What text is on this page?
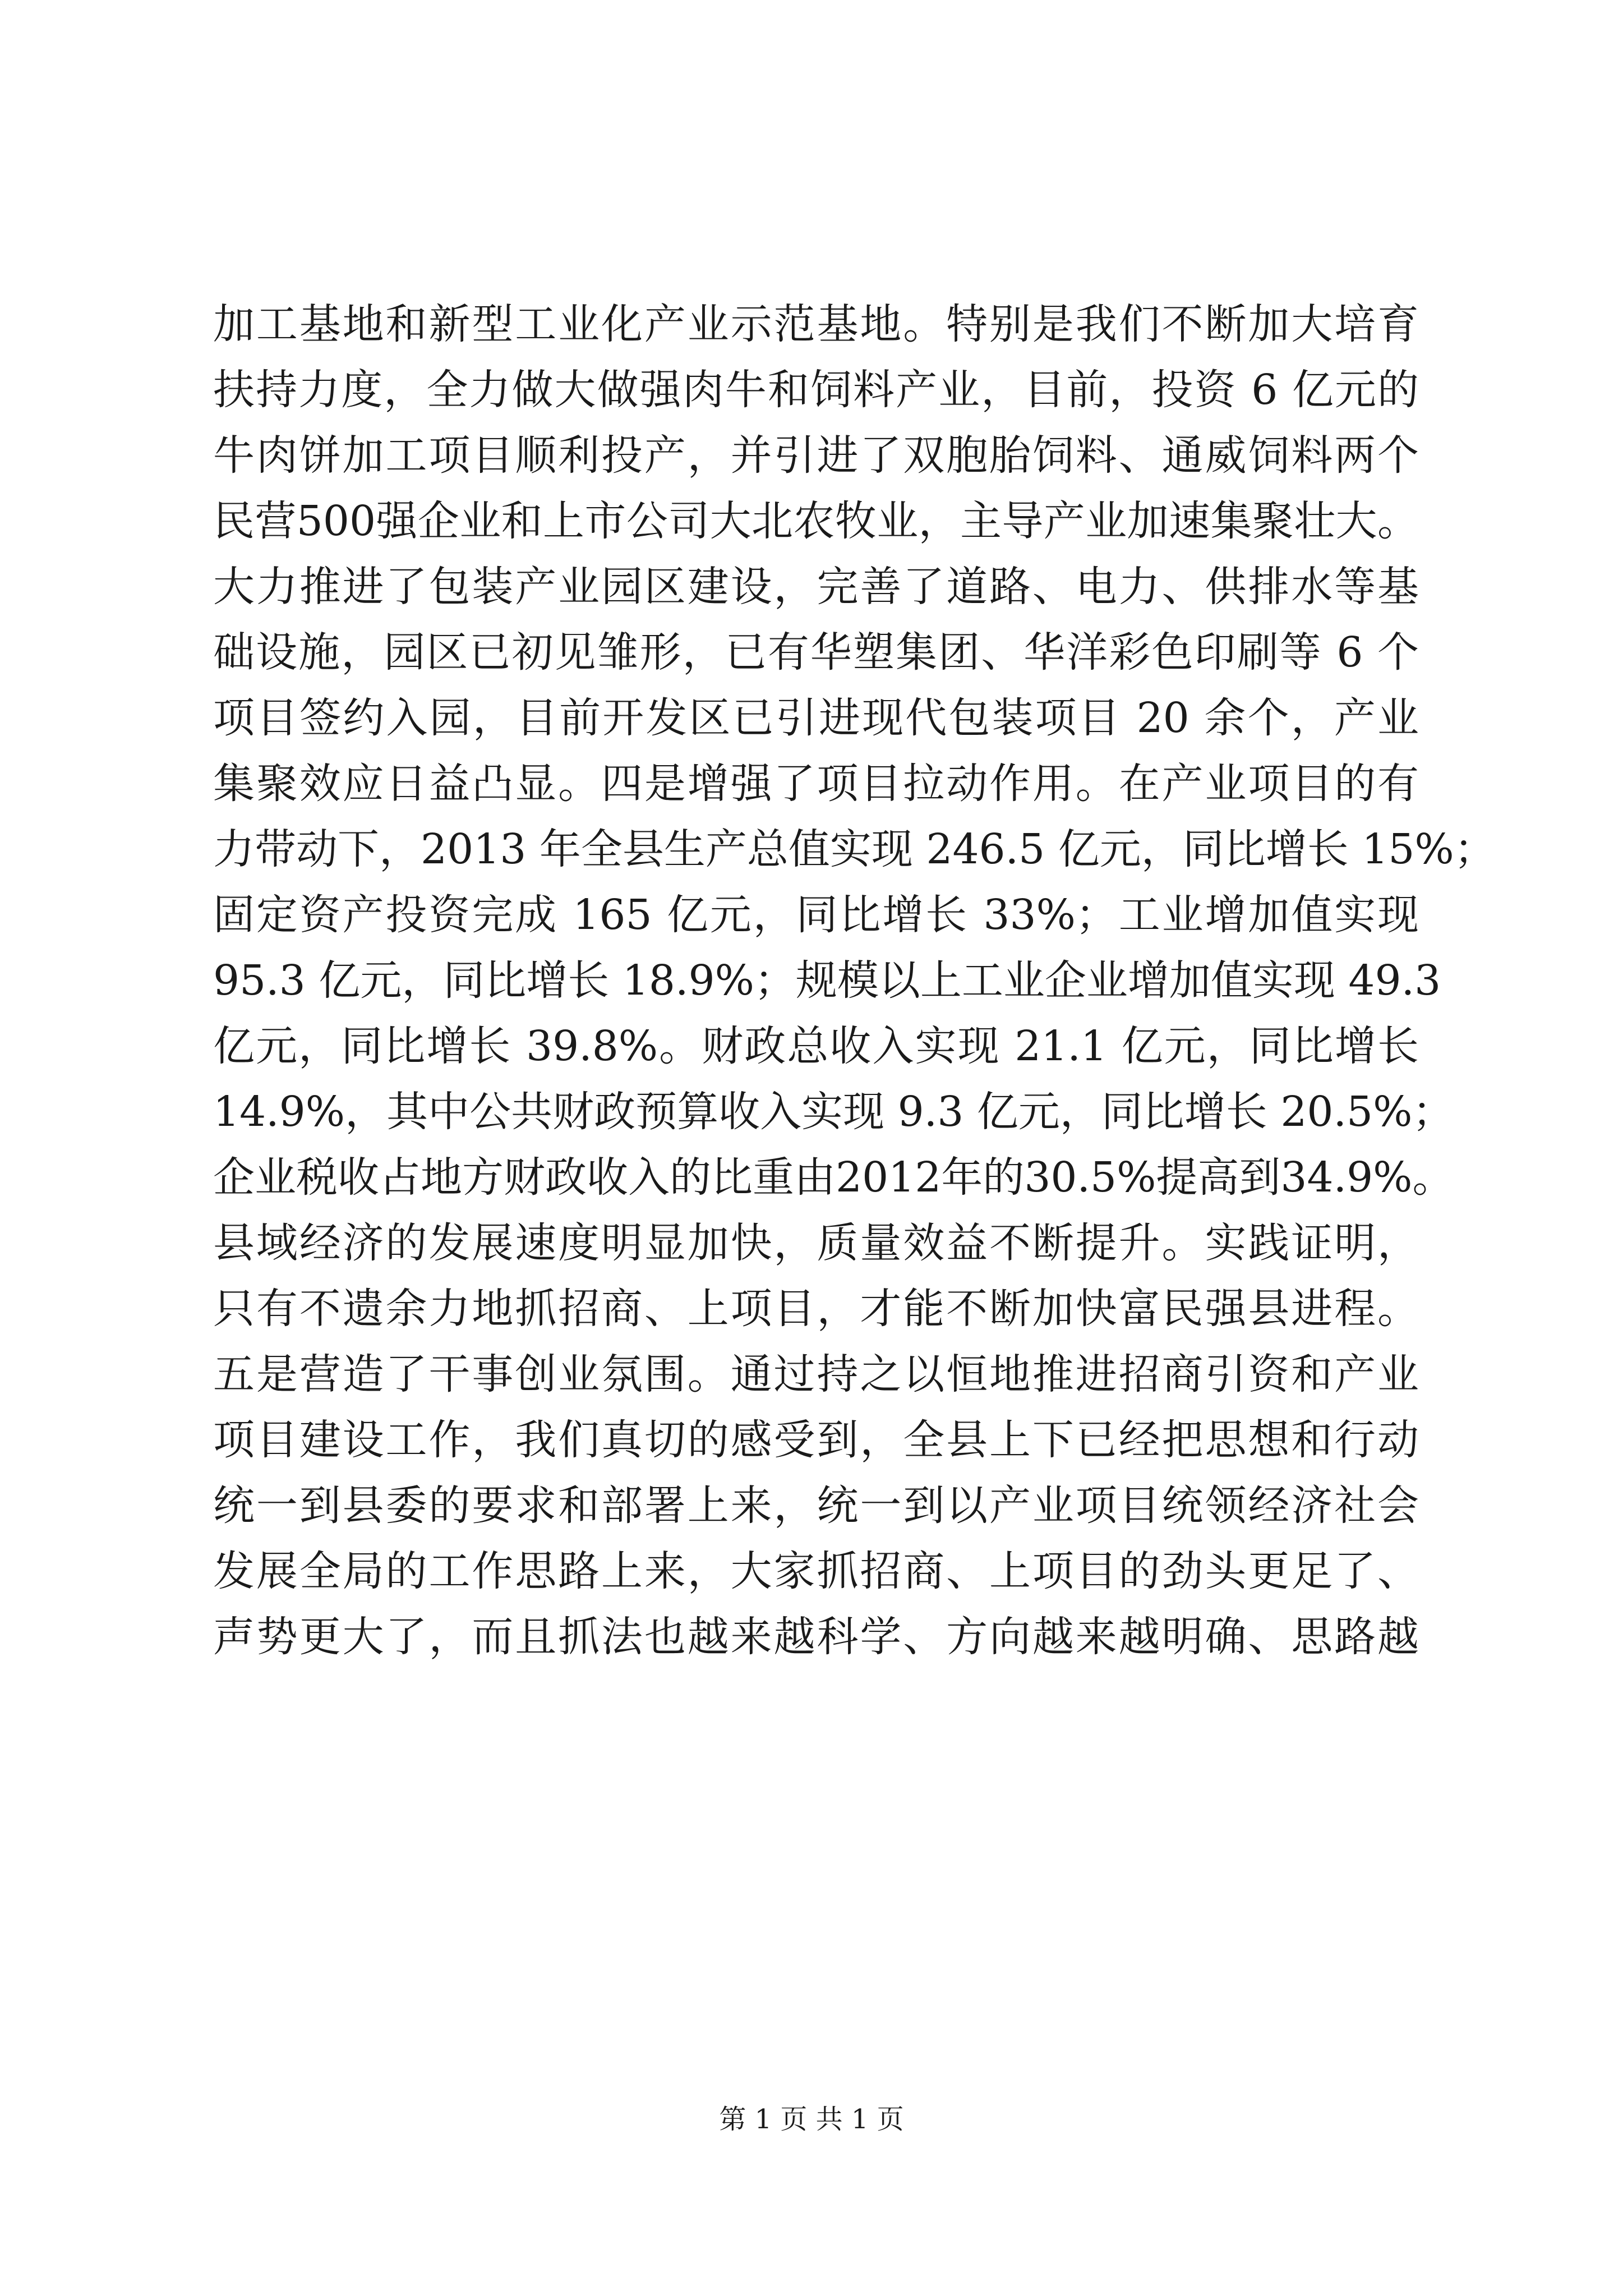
加工基地和新型工业化产业示范基地。特别是我们不断加大培育
扶持力度，全力做大做强肉牛和饲料产业，目前，投资 6 亿元的
牛肉饼加工项目顺利投产，并引进了双胞胎饲料、通威饲料两个
民营500强企业和上市公司大北农牧业，主导产业加速集聚壮大。
大力推进了包装产业园区建设，完善了道路、电力、供排水等基
础设施，园区已初见雏形，已有华塑集团、华洋彩色印刷等 6 个
项目签约入园，目前开发区已引进现代包装项目 20 余个，产业
集聚效应日益凸显。四是增强了项目拉动作用。在产业项目的有
力带动下，2013 年全县生产总值实现 246.5 亿元，同比增长 15%；
固定资产投资完成 165 亿元，同比增长 33%；工业增加值实现
95.3 亿元，同比增长 18.9%；规模以上工业企业增加值实现 49.3
亿元，同比增长 39.8%。财政总收入实现 21.1 亿元，同比增长
14.9%，其中公共财政预算收入实现 9.3 亿元，同比增长 20.5%；
企业税收占地方财政收入的比重由2012年的30.5%提高到34.9%。
县域经济的发展速度明显加快，质量效益不断提升。实践证明，
只有不遗余力地抓招商、上项目，才能不断加快富民强县进程。
五是营造了干事创业氛围。通过持之以恒地推进招商引资和产业
项目建设工作，我们真切的感受到，全县上下已经把思想和行动
统一到县委的要求和部署上来，统一到以产业项目统领经济社会
发展全局的工作思路上来，大家抓招商、上项目的劲头更足了、
声势更大了，而且抓法也越来越科学、方向越来越明确、思路越
第 1 页 共 1 页
